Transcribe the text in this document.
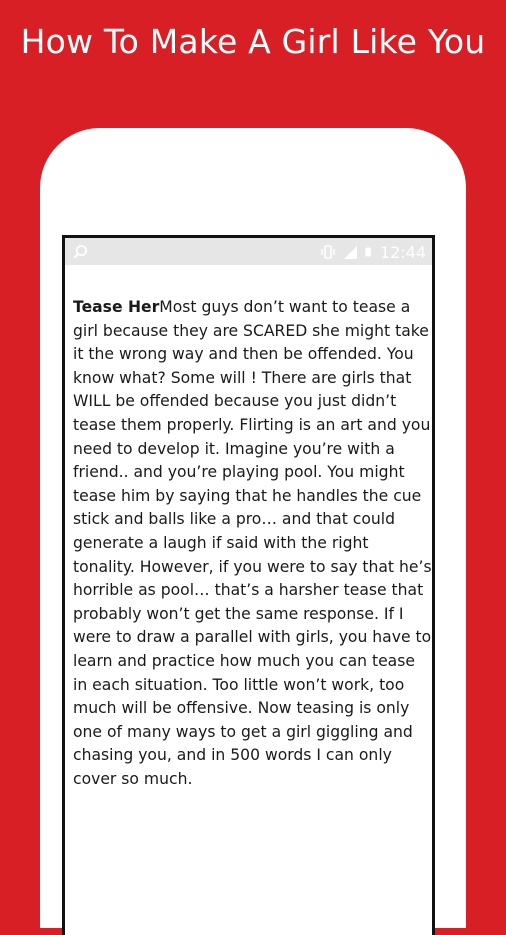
How To Make A Girl Like You
12:44
Tease HerMost guys don’t want to tease a girl because they are SCARED she might take it the wrong way and then be offended. You know what? Some will ! There are girls that WILL be offended because you just didn’t tease them properly. Flirting is an art and you need to develop it. Imagine you’re with a friend.. and you’re playing pool. You might tease him by saying that he handles the cue stick and balls like a pro… and that could generate a laugh if said with the right tonality. However, if you were to say that he’s horrible as pool… that’s a harsher tease that probably won’t get the same response. If I were to draw a parallel with girls, you have to learn and practice how much you can tease in each situation. Too little won’t work, too much will be offensive. Now teasing is only one of many ways to get a girl giggling and chasing you, and in 500 words I can only cover so much.
